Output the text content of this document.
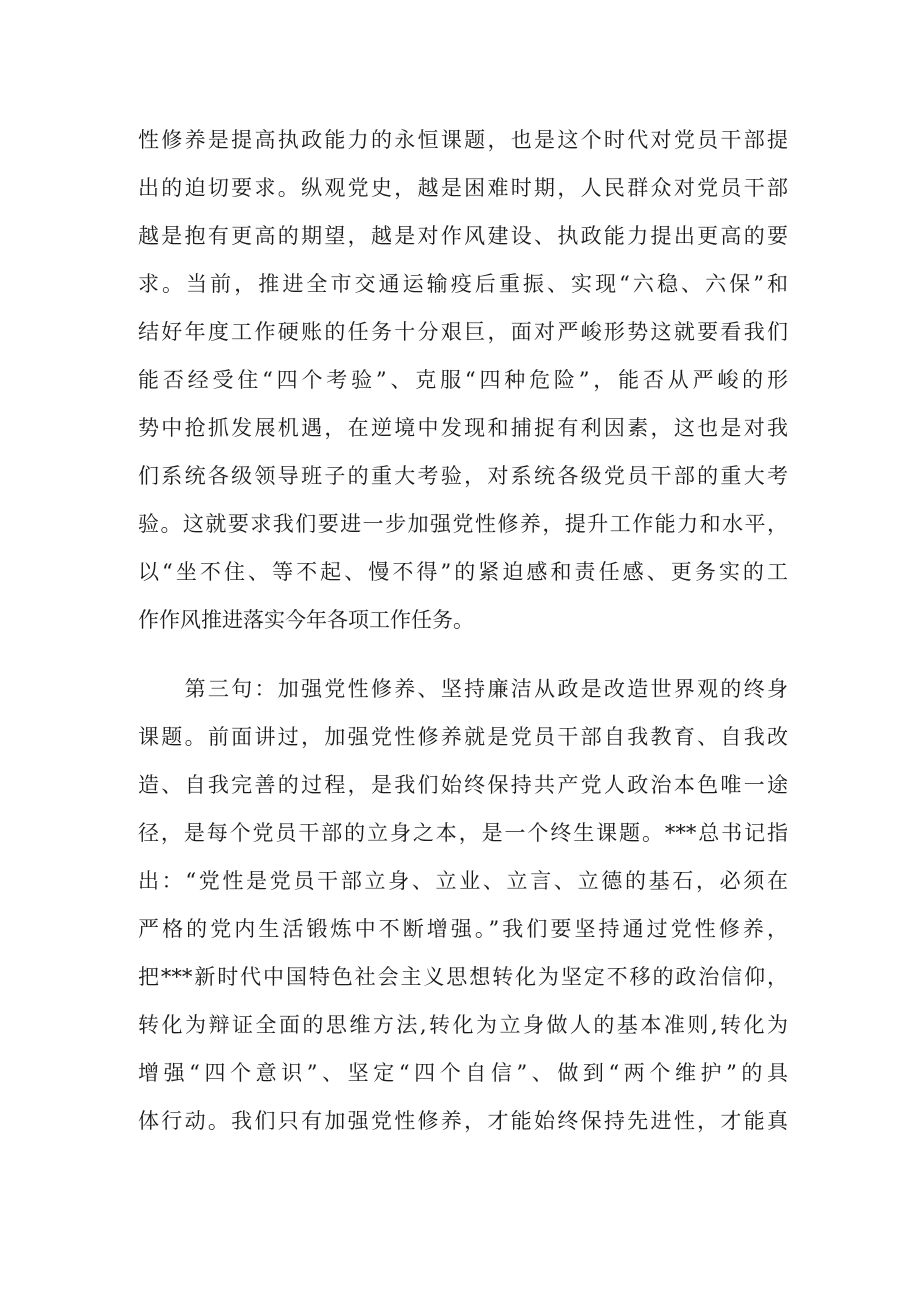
性修养是提高执政能力的永恒课题，也是这个时代对党员干部提
出的迫切要求。纵观党史，越是困难时期，人民群众对党员干部
越是抱有更高的期望，越是对作风建设、执政能力提出更高的要
求。当前，推进全市交通运输疫后重振、实现“六稳、六保”和
结好年度工作硬账的任务十分艰巨，面对严峻形势这就要看我们
能否经受住“四个考验”、克服“四种危险”，能否从严峻的形
势中抢抓发展机遇，在逆境中发现和捕捉有利因素，这也是对我
们系统各级领导班子的重大考验，对系统各级党员干部的重大考
验。这就要求我们要进一步加强党性修养，提升工作能力和水平，
以“坐不住、等不起、慢不得”的紧迫感和责任感、更务实的工
作作风推进落实今年各项工作任务。
　　第三句：加强党性修养、坚持廉洁从政是改造世界观的终身
课题。前面讲过，加强党性修养就是党员干部自我教育、自我改
造、自我完善的过程，是我们始终保持共产党人政治本色唯一途
径，是每个党员干部的立身之本，是一个终生课题。***总书记指
出：“党性是党员干部立身、立业、立言、立德的基石，必须在
严格的党内生活锻炼中不断增强。”我们要坚持通过党性修养，
把***新时代中国特色社会主义思想转化为坚定不移的政治信仰，
转化为辩证全面的思维方法,转化为立身做人的基本准则,转化为
增强“四个意识”、坚定“四个自信”、做到“两个维护”的具
体行动。我们只有加强党性修养，才能始终保持先进性，才能真
